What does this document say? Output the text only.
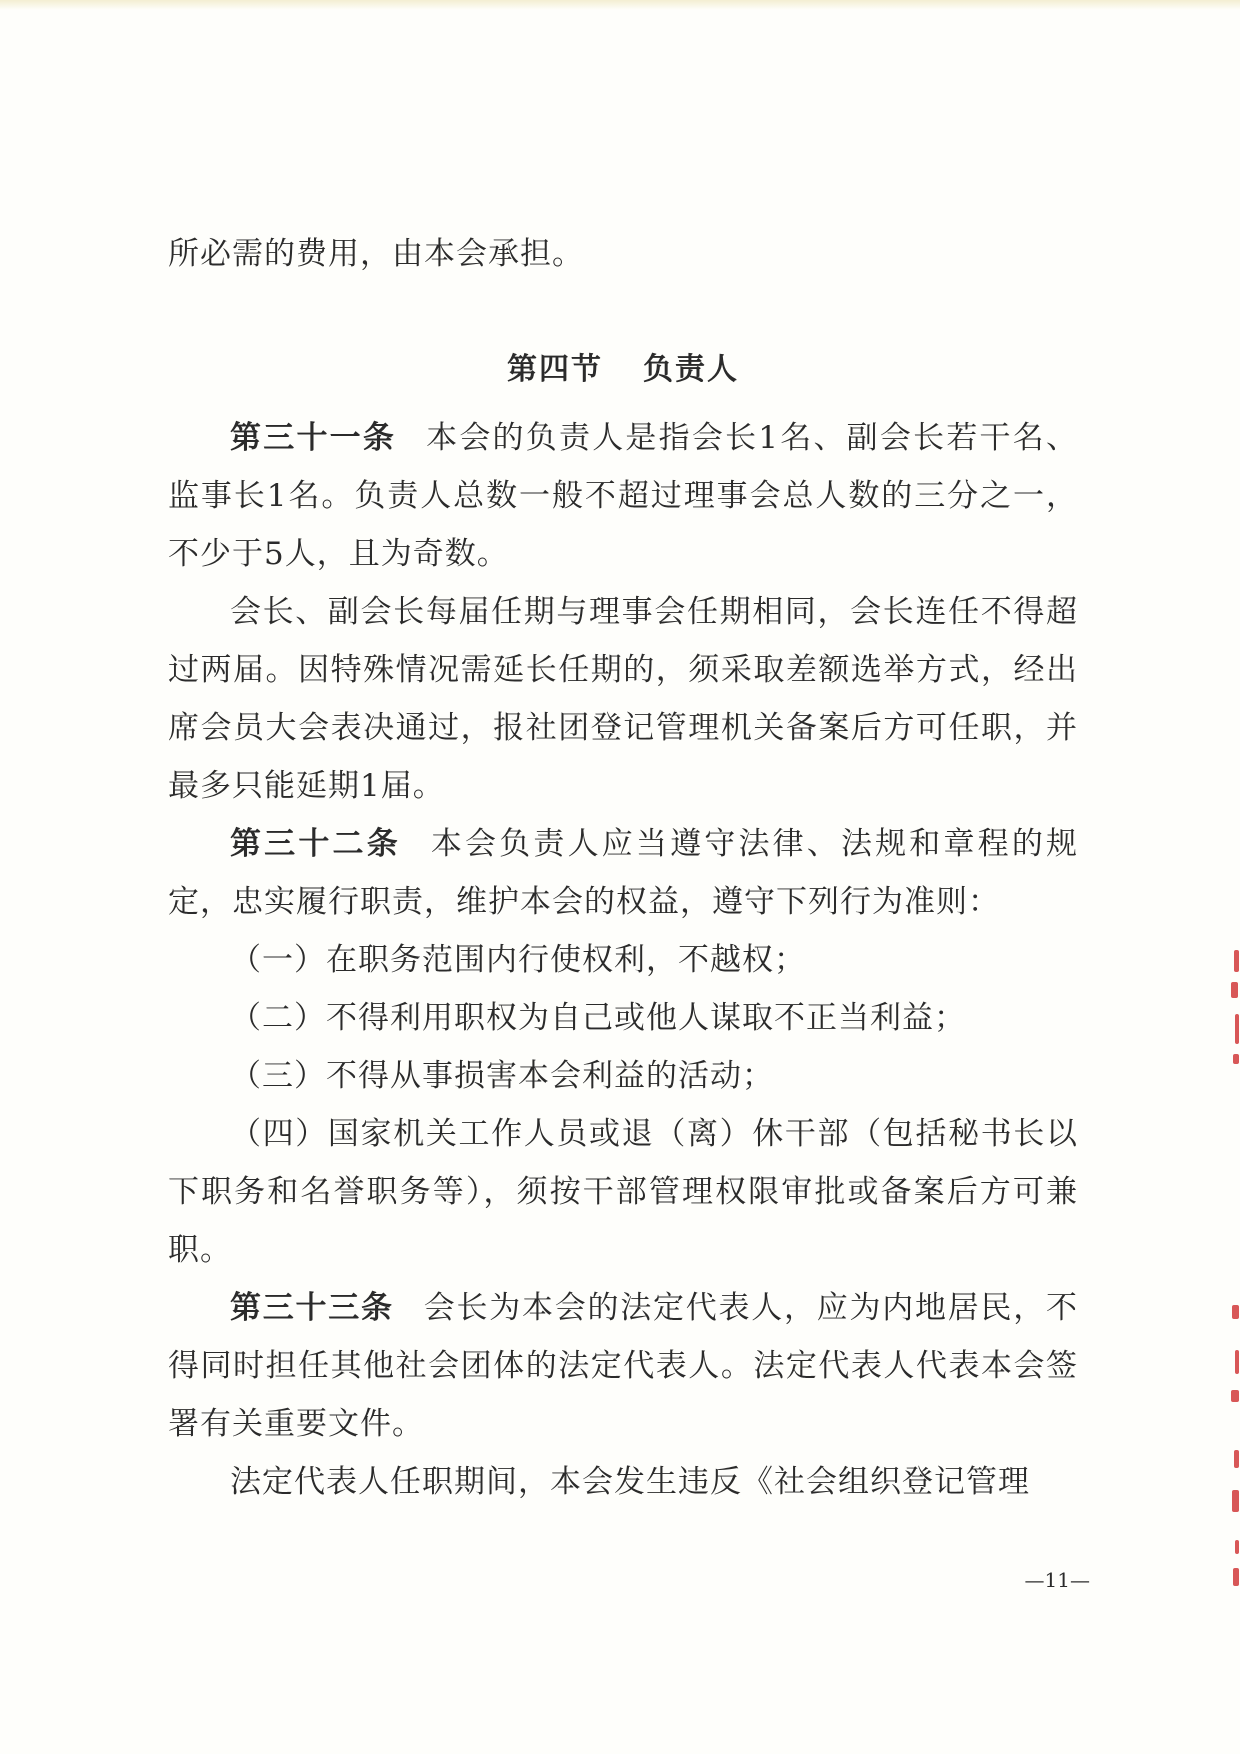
所必需的费用，由本会承担。

第四节 负责人

第三十一条 本会的负责人是指会长1名、副会长若干名、监事长1名。负责人总数一般不超过理事会总人数的三分之一，不少于5人，且为奇数。

会长、副会长每届任期与理事会任期相同，会长连任不得超过两届。因特殊情况需延长任期的，须采取差额选举方式，经出席会员大会表决通过，报社团登记管理机关备案后方可任职，并最多只能延期1届。

第三十二条 本会负责人应当遵守法律、法规和章程的规定，忠实履行职责，维护本会的权益，遵守下列行为准则：

（一）在职务范围内行使权利，不越权；

（二）不得利用职权为自己或他人谋取不正当利益；

（三）不得从事损害本会利益的活动；

（四）国家机关工作人员或退（离）休干部（包括秘书长以下职务和名誉职务等），须按干部管理权限审批或备案后方可兼职。

第三十三条 会长为本会的法定代表人，应为内地居民，不得同时担任其他社会团体的法定代表人。法定代表人代表本会签署有关重要文件。

法定代表人任职期间，本会发生违反《社会组织登记管理

—11—
